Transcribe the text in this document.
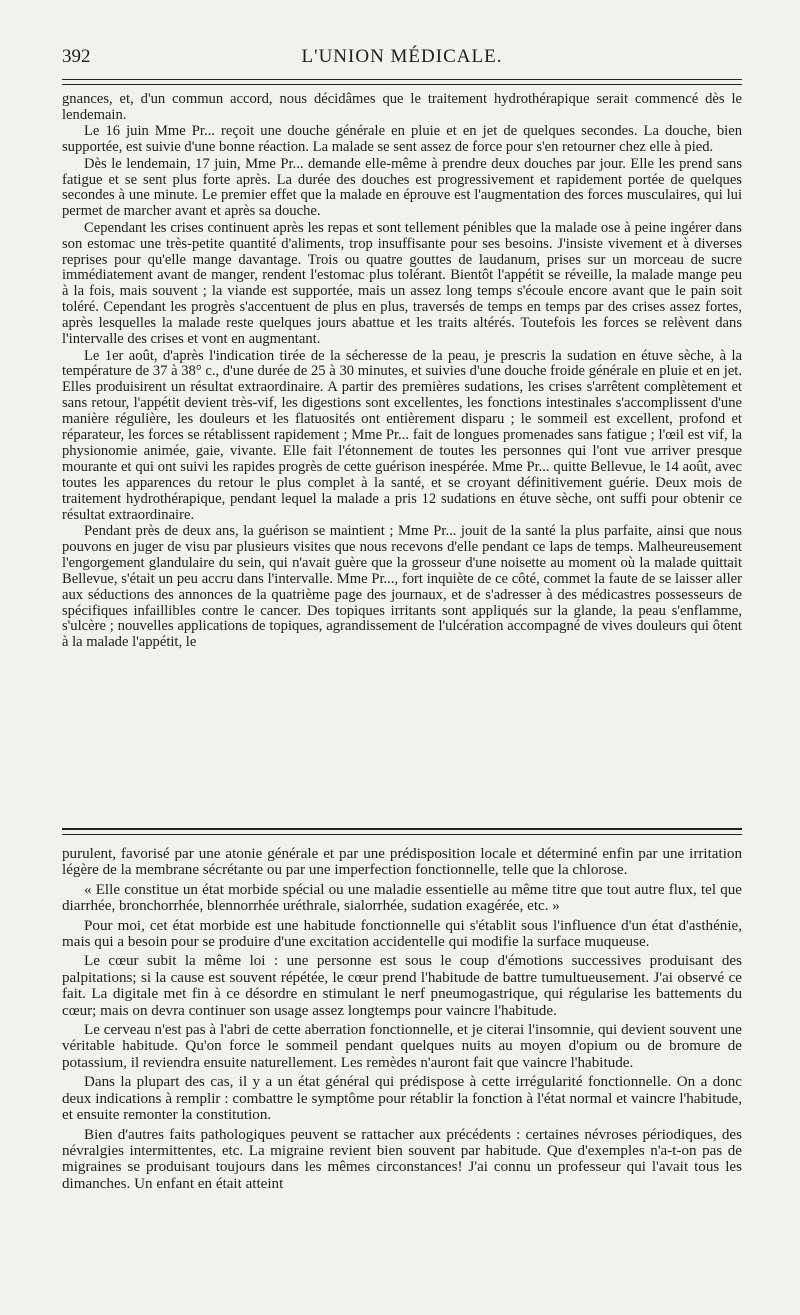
392	L'UNION MÉDICALE.

gnances, et, d'un commun accord, nous décidâmes que le traitement hydrothérapique serait commencé dès le lendemain.

Le 16 juin Mme Pr... reçoit une douche générale en pluie et en jet de quelques secondes. La douche, bien supportée, est suivie d'une bonne réaction. La malade se sent assez de force pour s'en retourner chez elle à pied.

Dès le lendemain, 17 juin, Mme Pr... demande elle-même à prendre deux douches par jour. Elle les prend sans fatigue et se sent plus forte après. La durée des douches est progressivement et rapidement portée de quelques secondes à une minute. Le premier effet que la malade en éprouve est l'augmentation des forces musculaires, qui lui permet de marcher avant et après sa douche.

Cependant les crises continuent après les repas et sont tellement pénibles que la malade ose à peine ingérer dans son estomac une très-petite quantité d'aliments, trop insuffisante pour ses besoins. J'insiste vivement et à diverses reprises pour qu'elle mange davantage. Trois ou quatre gouttes de laudanum, prises sur un morceau de sucre immédiatement avant de manger, rendent l'estomac plus tolérant. Bientôt l'appétit se réveille, la malade mange peu à la fois, mais souvent ; la viande est supportée, mais un assez long temps s'écoule encore avant que le pain soit toléré. Cependant les progrès s'accentuent de plus en plus, traversés de temps en temps par des crises assez fortes, après lesquelles la malade reste quelques jours abattue et les traits altérés. Toutefois les forces se relèvent dans l'intervalle des crises et vont en augmentant.

Le 1er août, d'après l'indication tirée de la sécheresse de la peau, je prescris la sudation en étuve sèche, à la température de 37 à 38° c., d'une durée de 25 à 30 minutes, et suivies d'une douche froide générale en pluie et en jet. Elles produisirent un résultat extraordinaire. A partir des premières sudations, les crises s'arrêtent complètement et sans retour, l'appétit devient très-vif, les digestions sont excellentes, les fonctions intestinales s'accomplissent d'une manière régulière, les douleurs et les flatuosités ont entièrement disparu ; le sommeil est excellent, profond et réparateur, les forces se rétablissent rapidement ; Mme Pr... fait de longues promenades sans fatigue ; l'œil est vif, la physionomie animée, gaie, vivante. Elle fait l'étonnement de toutes les personnes qui l'ont vue arriver presque mourante et qui ont suivi les rapides progrès de cette guérison inespérée. Mme Pr... quitte Bellevue, le 14 août, avec toutes les apparences du retour le plus complet à la santé, et se croyant définitivement guérie. Deux mois de traitement hydrothérapique, pendant lequel la malade a pris 12 sudations en étuve sèche, ont suffi pour obtenir ce résultat extraordinaire.

Pendant près de deux ans, la guérison se maintient ; Mme Pr... jouit de la santé la plus parfaite, ainsi que nous pouvons en juger de visu par plusieurs visites que nous recevons d'elle pendant ce laps de temps. Malheureusement l'engorgement glandulaire du sein, qui n'avait guère que la grosseur d'une noisette au moment où la malade quittait Bellevue, s'était un peu accru dans l'intervalle. Mme Pr..., fort inquiète de ce côté, commet la faute de se laisser aller aux séductions des annonces de la quatrième page des journaux, et de s'adresser à des médicastres possesseurs de spécifiques infaillibles contre le cancer. Des topiques irritants sont appliqués sur la glande, la peau s'enflamme, s'ulcère ; nouvelles applications de topiques, agrandissement de l'ulcération accompagné de vives douleurs qui ôtent à la malade l'appétit, le

purulent, favorisé par une atonie générale et par une prédisposition locale et déterminé enfin par une irritation légère de la membrane sécrétante ou par une imperfection fonctionnelle, telle que la chlorose.

« Elle constitue un état morbide spécial ou une maladie essentielle au même titre que tout autre flux, tel que diarrhée, bronchorrhée, blennorrhée uréthrale, sialorrhée, sudation exagérée, etc. »

Pour moi, cet état morbide est une habitude fonctionnelle qui s'établit sous l'influence d'un état d'asthénie, mais qui a besoin pour se produire d'une excitation accidentelle qui modifie la surface muqueuse.

Le cœur subit la même loi : une personne est sous le coup d'émotions successives produisant des palpitations; si la cause est souvent répétée, le cœur prend l'habitude de battre tumultueusement. J'ai observé ce fait. La digitale met fin à ce désordre en stimulant le nerf pneumogastrique, qui régularise les battements du cœur; mais on devra continuer son usage assez longtemps pour vaincre l'habitude.

Le cerveau n'est pas à l'abri de cette aberration fonctionnelle, et je citerai l'insomnie, qui devient souvent une véritable habitude. Qu'on force le sommeil pendant quelques nuits au moyen d'opium ou de bromure de potassium, il reviendra ensuite naturellement. Les remèdes n'auront fait que vaincre l'habitude.

Dans la plupart des cas, il y a un état général qui prédispose à cette irrégularité fonctionnelle. On a donc deux indications à remplir : combattre le symptôme pour rétablir la fonction à l'état normal et vaincre l'habitude, et ensuite remonter la constitution.

Bien d'autres faits pathologiques peuvent se rattacher aux précédents : certaines névroses périodiques, des névralgies intermittentes, etc. La migraine revient bien souvent par habitude. Que d'exemples n'a-t-on pas de migraines se produisant toujours dans les mêmes circonstances! J'ai connu un professeur qui l'avait tous les dimanches. Un enfant en était atteint
